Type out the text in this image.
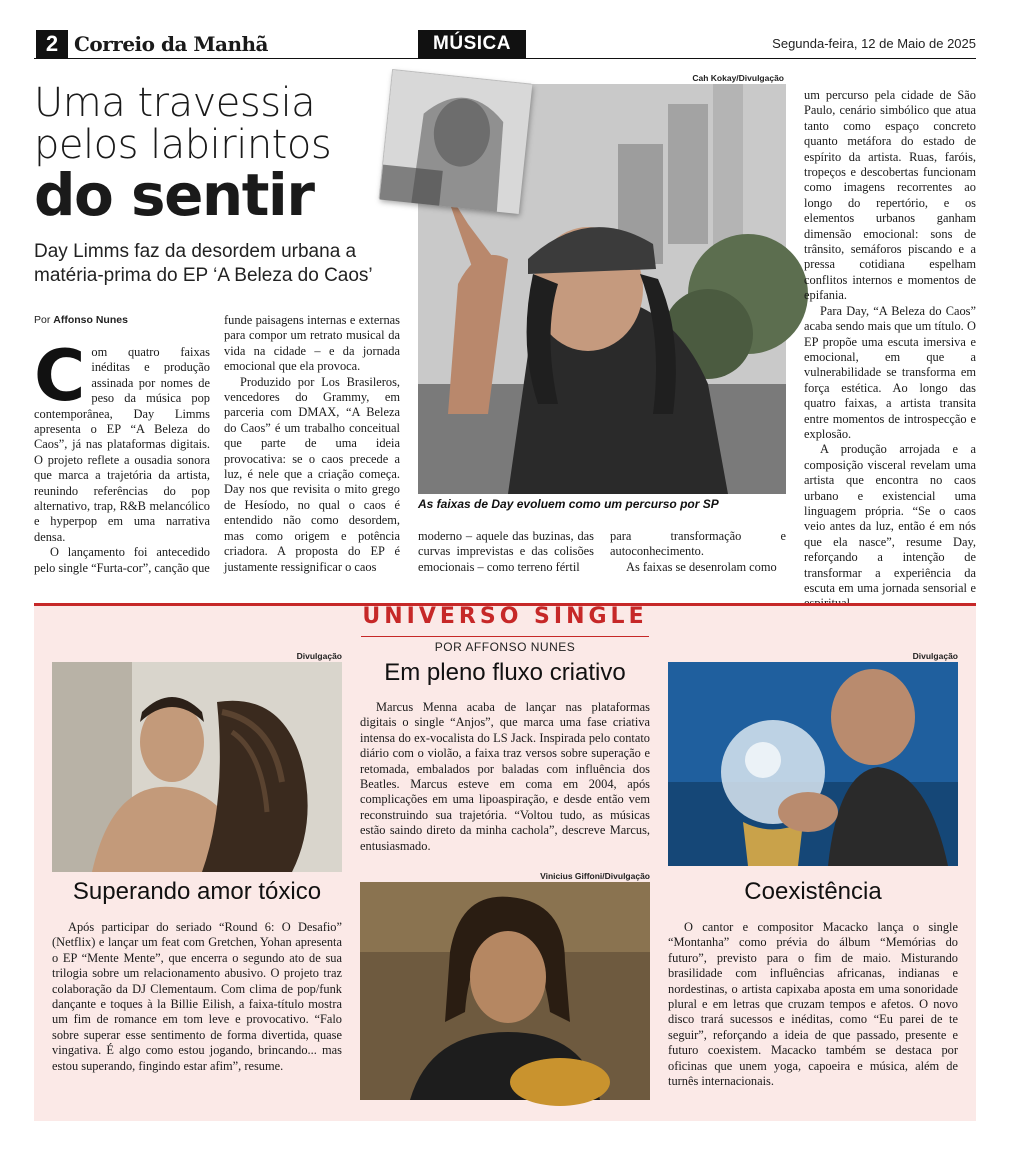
2 Correio da Manhã	MÚSICA	Segunda-feira, 12 de Maio de 2025
Uma travessia
pelos labirintos
do sentir
Day Limms faz da desordem urbana a matéria-prima do EP ‘A Beleza do Caos’
Por Affonso Nunes

Com quatro faixas inéditas e produção assinada por nomes de peso da música pop contemporânea, Day Limms apresenta o EP “A Beleza do Caos”, já nas plataformas digitais. O projeto reflete a ousadia sonora que marca a trajetória da artista, reunindo referências do pop alternativo, trap, R&B melancólico e hyperpop em uma narrativa densa.

O lançamento foi antecedido pelo single “Furta-cor”, canção que

funde paisagens internas e externas para compor um retrato musical da vida na cidade – e da jornada emocional que ela provoca.

Produzido por Los Brasileros, vencedores do Grammy, em parceria com DMAX, “A Beleza do Caos” é um trabalho conceitual que parte de uma ideia provocativa: se o caos precede a luz, é nele que a criação começa. Day nos que revisita o mito grego de Hesíodo, no qual o caos é entendido não como desordem, mas como origem e potência criadora. A proposta do EP é justamente ressignificar o caos

Cah Kokay/Divulgação
As faixas de Day evoluem como um percurso por SP

moderno – aquele das buzinas, das curvas imprevistas e das colisões emocionais – como terreno fértil

para transformação e autoconhecimento.

As faixas se desenrolam como

um percurso pela cidade de São Paulo, cenário simbólico que atua tanto como espaço concreto quanto metáfora do estado de espírito da artista. Ruas, faróis, tropeços e descobertas funcionam como imagens recorrentes ao longo do repertório, e os elementos urbanos ganham dimensão emocional: sons de trânsito, semáforos piscando e a pressa cotidiana espelham conflitos internos e momentos de epifania.

Para Day, “A Beleza do Caos” acaba sendo mais que um título. O EP propõe uma escuta imersiva e emocional, em que a vulnerabilidade se transforma em força estética. Ao longo das quatro faixas, a artista transita entre momentos de introspecção e explosão.

A produção arrojada e a composição visceral revelam uma artista que encontra no caos urbano e existencial uma linguagem própria. “Se o caos veio antes da luz, então é em nós que ela nasce”, resume Day, reforçando a intenção de transformar a experiência da escuta em uma jornada sensorial e

UNIVERSO SINGLE
POR AFFONSO NUNES
Divulgação
Superando amor tóxico

Após participar do seriado “Round 6: O Desafio” (Netflix) e lançar um feat com Gretchen, Yohan apresenta o EP “Mente Mente”, que encerra o segundo ato de sua trilogia sobre um relacionamento abusivo. O projeto traz colaboração da DJ Clementaum. Com clima de pop/funk dançante e toques à la Billie Eilish, a faixa-título mostra um fim de romance em tom leve e provocativo. “Falo sobre superar esse sentimento de forma divertida, quase vingativa. É algo como estou jogando, brincando... mas estou superando, fingindo estar afim”, resume.

Em pleno fluxo criativo

Marcus Menna acaba de lançar nas plataformas digitais o single “Anjos”, que marca uma fase criativa intensa do ex-vocalista do LS Jack. Inspirada pelo contato diário com o violão, a faixa traz versos sobre superação e retomada, embalados por baladas com influência dos Beatles. Marcus esteve em coma em 2004, após complicações em uma lipoaspiração, e desde então vem reconstruindo sua trajetória. “Voltou tudo, as músicas estão saindo direto da minha cachola”, descreve Marcus, entusiasmado.

Vinicius Giffoni/Divulgação
Divulgação
Coexistência

O cantor e compositor Macacko lança o single “Montanha” como prévia do álbum “Memórias do futuro”, previsto para o fim de maio. Misturando brasilidade com influências africanas, indianas e nordestinas, o artista capixaba aposta em uma sonoridade plural e em letras que cruzam tempos e afetos. O novo disco trará sucessos e inéditas, como “Eu parei de te seguir”, reforçando a ideia de que passado, presente e futuro coexistem. Macacko também se destaca por oficinas que unem yoga, capoeira e música, além de turnês internacionais.
